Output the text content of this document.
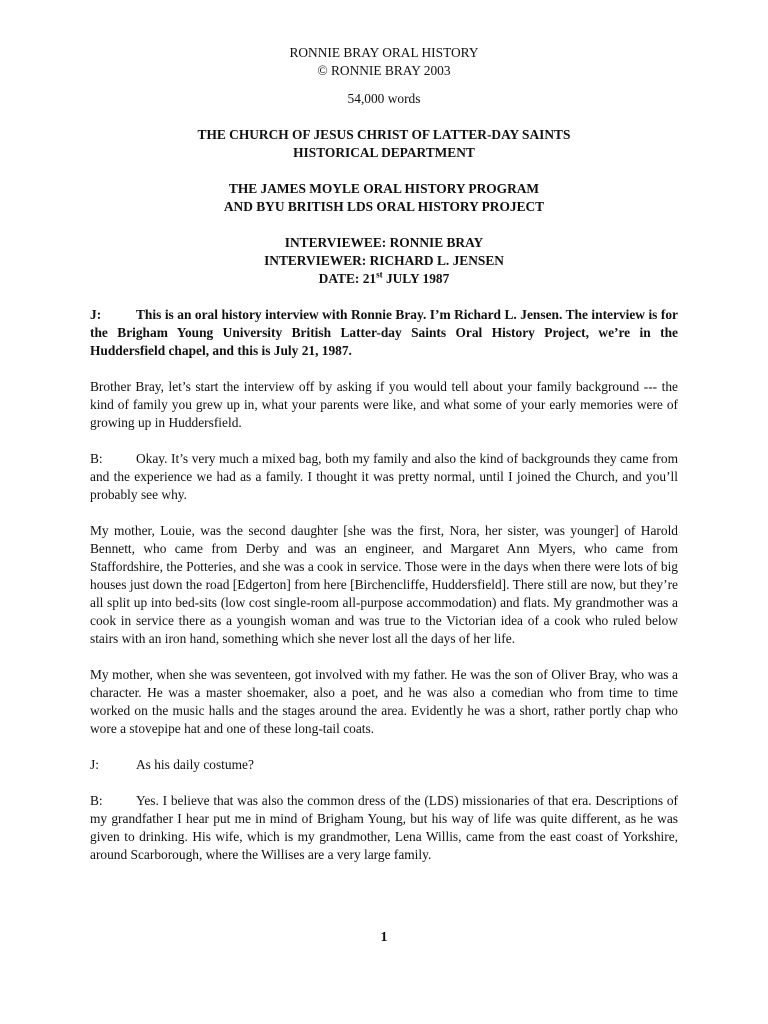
RONNIE BRAY ORAL HISTORY

© RONNIE BRAY 2003

54,000 words

THE CHURCH OF JESUS CHRIST OF LATTER-DAY SAINTS

HISTORICAL DEPARTMENT

THE JAMES MOYLE ORAL HISTORY PROGRAM

AND BYU BRITISH LDS ORAL HISTORY PROJECT

INTERVIEWEE: RONNIE BRAY

INTERVIEWER: RICHARD L. JENSEN

DATE: 21st JULY 1987

J:	This is an oral history interview with Ronnie Bray. I’m Richard L. Jensen. The interview is for the Brigham Young University British Latter-day Saints Oral History Project, we’re in the Huddersfield chapel, and this is July 21, 1987.

Brother Bray, let’s start the interview off by asking if you would tell about your family background --- the kind of family you grew up in, what your parents were like, and what some of your early memories were of growing up in Huddersfield.

B: Okay. It’s very much a mixed bag, both my family and also the kind of backgrounds they came from and the experience we had as a family. I thought it was pretty normal, until I joined the Church, and you’ll probably see why.

My mother, Louie, was the second daughter [she was the first, Nora, her sister, was younger] of Harold Bennett, who came from Derby and was an engineer, and Margaret Ann Myers, who came from Staffordshire, the Potteries, and she was a cook in service. Those were in the days when there were lots of big houses just down the road [Edgerton] from here [Birchencliffe, Huddersfield]. There still are now, but they’re all split up into bed-sits (low cost single-room all-purpose accommodation) and flats. My grandmother was a cook in service there as a youngish woman and was true to the Victorian idea of a cook who ruled below stairs with an iron hand, something which she never lost all the days of her life.

My mother, when she was seventeen, got involved with my father. He was the son of Oliver Bray, who was a character. He was a master shoemaker, also a poet, and he was also a comedian who from time to time worked on the music halls and the stages around the area. Evidently he was a short, rather portly chap who wore a stovepipe hat and one of these long-tail coats.

J:	As his daily costume?

B: Yes. I believe that was also the common dress of the (LDS) missionaries of that era. Descriptions of my grandfather I hear put me in mind of Brigham Young, but his way of life was quite different, as he was given to drinking. His wife, which is my grandmother, Lena Willis, came from the east coast of Yorkshire, around Scarborough, where the Willises are a very large family.

1
